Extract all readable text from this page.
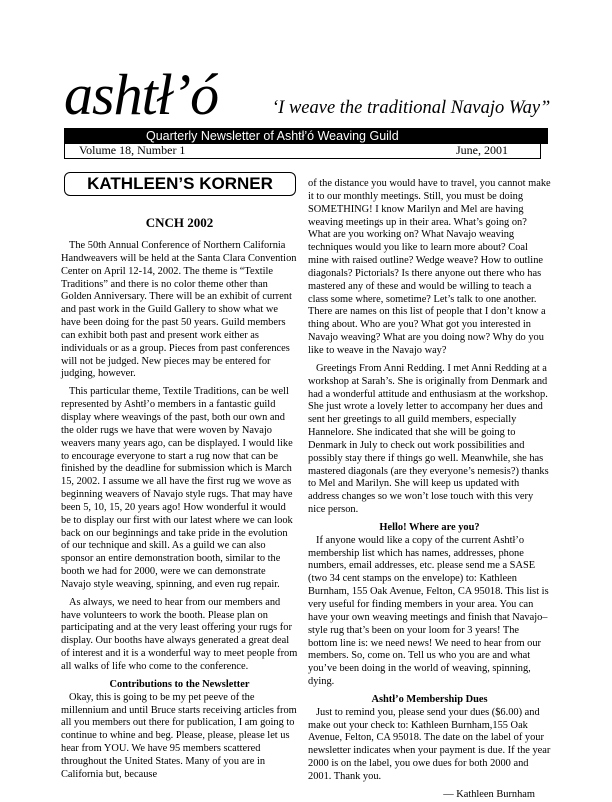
ashtł’ó	‘I weave the traditional Navajo Way”
Quarterly Newsletter of Ashtł’ó Weaving Guild
Volume 18, Number 1	June, 2001
KATHLEEN’S KORNER
CNCH 2002

The 50th Annual Conference of Northern California Handweavers will be held at the Santa Clara Convention Center on April 12-14, 2002. The theme is “Textile Traditions” and there is no color theme other than Golden Anniversary. There will be an exhibit of current and past work in the Guild Gallery to show what we have been doing for the past 50 years. Guild members can exhibit both past and present work either as individuals or as a group. Pieces from past conferences will not be judged. New pieces may be entered for judging, however.

This particular theme, Textile Traditions, can be well represented by Ashtł’o members in a fantastic guild display where weavings of the past, both our own and the older rugs we have that were woven by Navajo weavers many years ago, can be displayed. I would like to encourage everyone to start a rug now that can be finished by the deadline for submission which is March 15, 2002. I assume we all have the first rug we wove as beginning weavers of Navajo style rugs. That may have been 5, 10, 15, 20 years ago! How wonderful it would be to display our first with our latest where we can look back on our beginnings and take pride in the evolution of our technique and skill. As a guild we can also sponsor an entire demonstration booth, similar to the booth we had for 2000, were we can demonstrate Navajo style weaving, spinning, and even rug repair.

As always, we need to hear from our members and have volunteers to work the booth. Please plan on participating and at the very least offering your rugs for display. Our booths have always generated a great deal of interest and it is a wonderful way to meet people from all walks of life who come to the conference.

Contributions to the Newsletter

Okay, this is going to be my pet peeve of the millennium and until Bruce starts receiving articles from all you members out there for publication, I am going to continue to whine and beg. Please, please, please let us hear from YOU. We have 95 members scattered throughout the United States. Many of you are in California but, because

of the distance you would have to travel, you cannot make it to our monthly meetings. Still, you must be doing SOMETHING! I know Marilyn and Mel are having weaving meetings up in their area. What’s going on? What are you working on? What Navajo weaving techniques would you like to learn more about? Coal mine with raised outline? Wedge weave? How to outline diagonals? Pictorials? Is there anyone out there who has mastered any of these and would be willing to teach a class some where, sometime? Let’s talk to one another. There are names on this list of people that I don’t know a thing about. Who are you? What got you interested in Navajo weaving? What are you doing now? Why do you like to weave in the Navajo way?

Greetings From Anni Redding. I met Anni Redding at a workshop at Sarah’s. She is originally from Denmark and had a wonderful attitude and enthusiasm at the workshop. She just wrote a lovely letter to accompany her dues and sent her greetings to all guild members, especially Hannelore. She indicated that she will be going to Denmark in July to check out work possibilities and possibly stay there if things go well. Meanwhile, she has mastered diagonals (are they everyone’s nemesis?) thanks to Mel and Marilyn. She will keep us updated with address changes so we won’t lose touch with this very nice person.

Hello! Where are you?

If anyone would like a copy of the current Ashtł’o membership list which has names, addresses, phone numbers, email addresses, etc. please send me a SASE (two 34 cent stamps on the envelope) to: Kathleen Burnham, 155 Oak Avenue, Felton, CA 95018. This list is very useful for finding members in your area. You can have your own weaving meetings and finish that Navajo–style rug that’s been on your loom for 3 years! The bottom line is: we need news! We need to hear from our members. So, come on. Tell us who you are and what you’ve been doing in the world of weaving, spinning, dying.

Ashtł’o Membership Dues

Just to remind you, please send your dues ($6.00) and make out your check to: Kathleen Burnham,155 Oak Avenue, Felton, CA 95018. The date on the label of your newsletter indicates when your payment is due. If the year 2000 is on the label, you owe dues for both 2000 and 2001. Thank you.

— Kathleen Burnham
